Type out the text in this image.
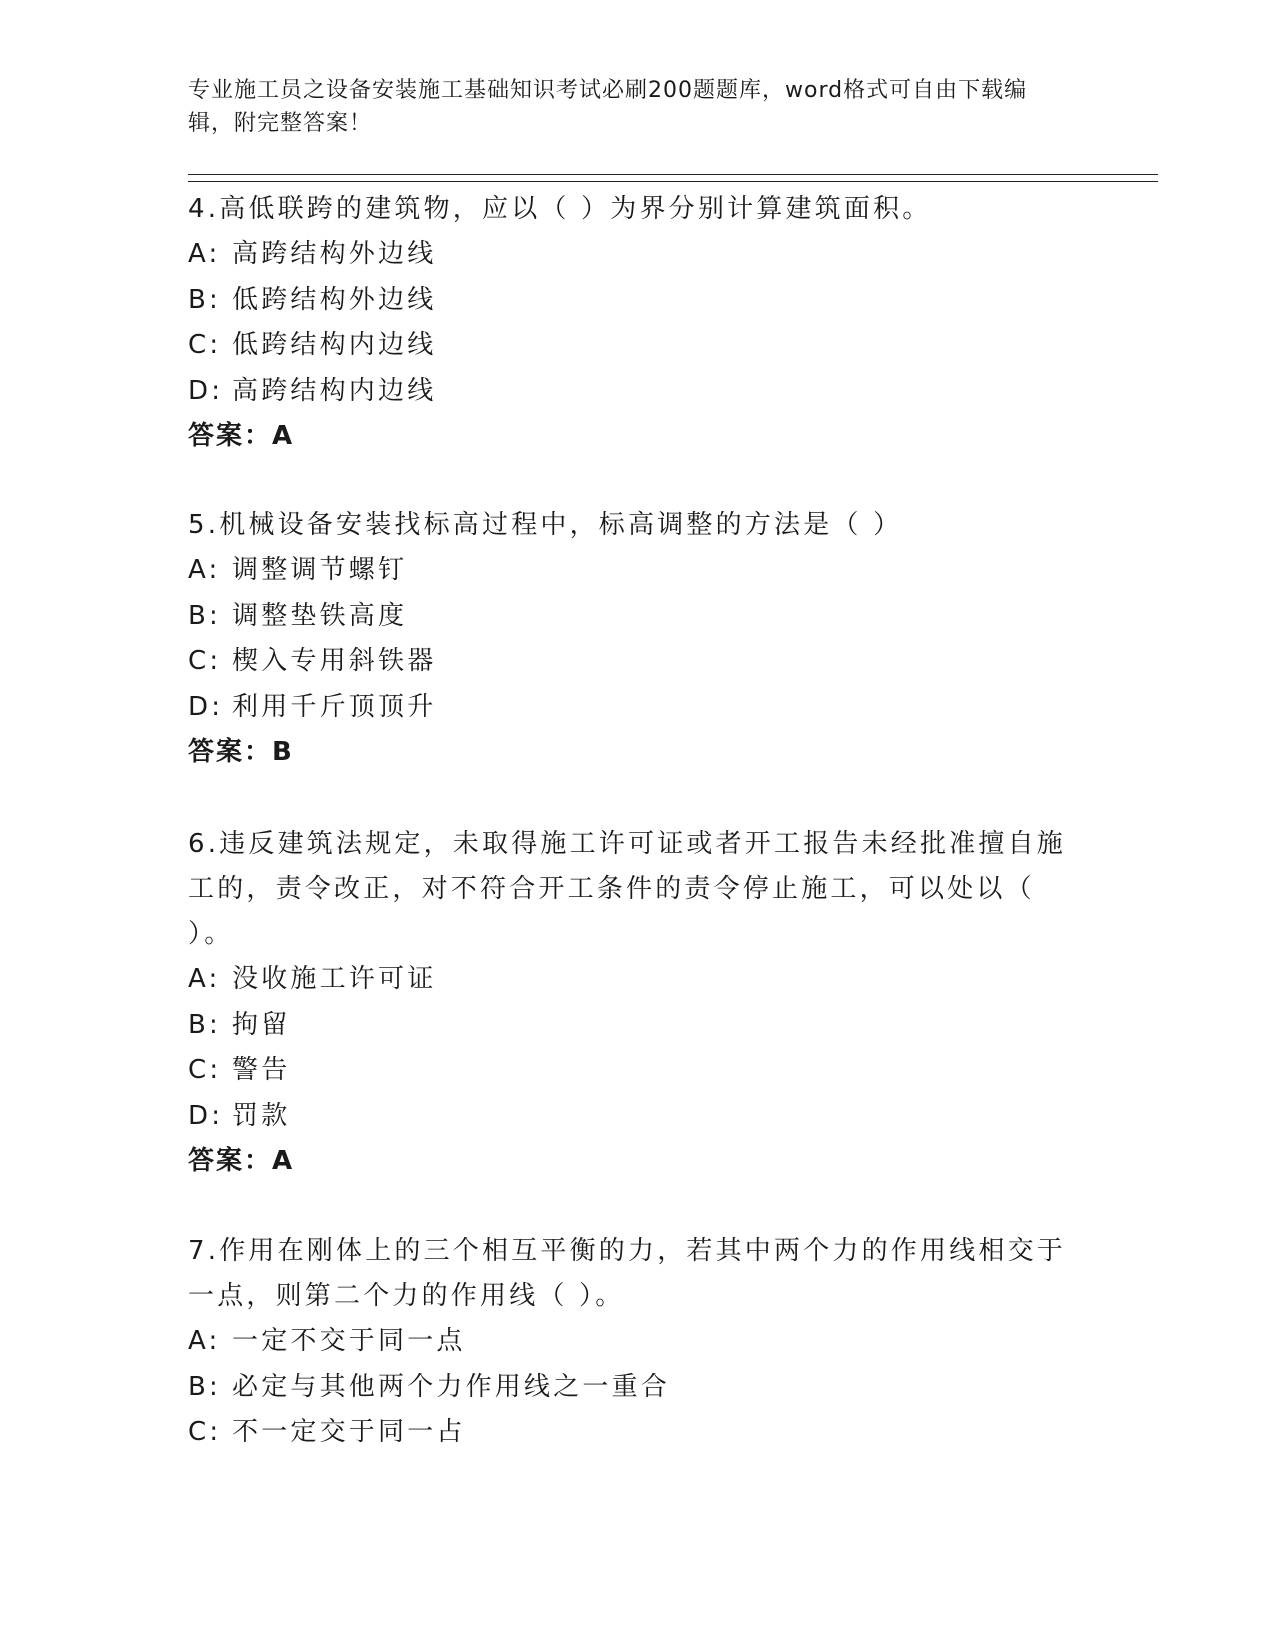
专业施工员之设备安装施工基础知识考试必刷200题题库，word格式可自由下载编辑，附完整答案！

4.高低联跨的建筑物，应以（ ）为界分别计算建筑面积。

A: 高跨结构外边线
B: 低跨结构外边线
C: 低跨结构内边线
D: 高跨结构内边线
答案：A

5.机械设备安装找标高过程中，标高调整的方法是（ ）

A: 调整调节螺钉
B: 调整垫铁高度
C: 楔入专用斜铁器
D: 利用千斤顶顶升
答案：B

6.违反建筑法规定，未取得施工许可证或者开工报告未经批准擅自施工的，责令改正，对不符合开工条件的责令停止施工，可以处以（ ）。

A: 没收施工许可证
B: 拘留
C: 警告
D: 罚款
答案：A

7.作用在刚体上的三个相互平衡的力，若其中两个力的作用线相交于一点，则第二个力的作用线（ ）。

A: 一定不交于同一点
B: 必定与其他两个力作用线之一重合
C: 不一定交于同一占
